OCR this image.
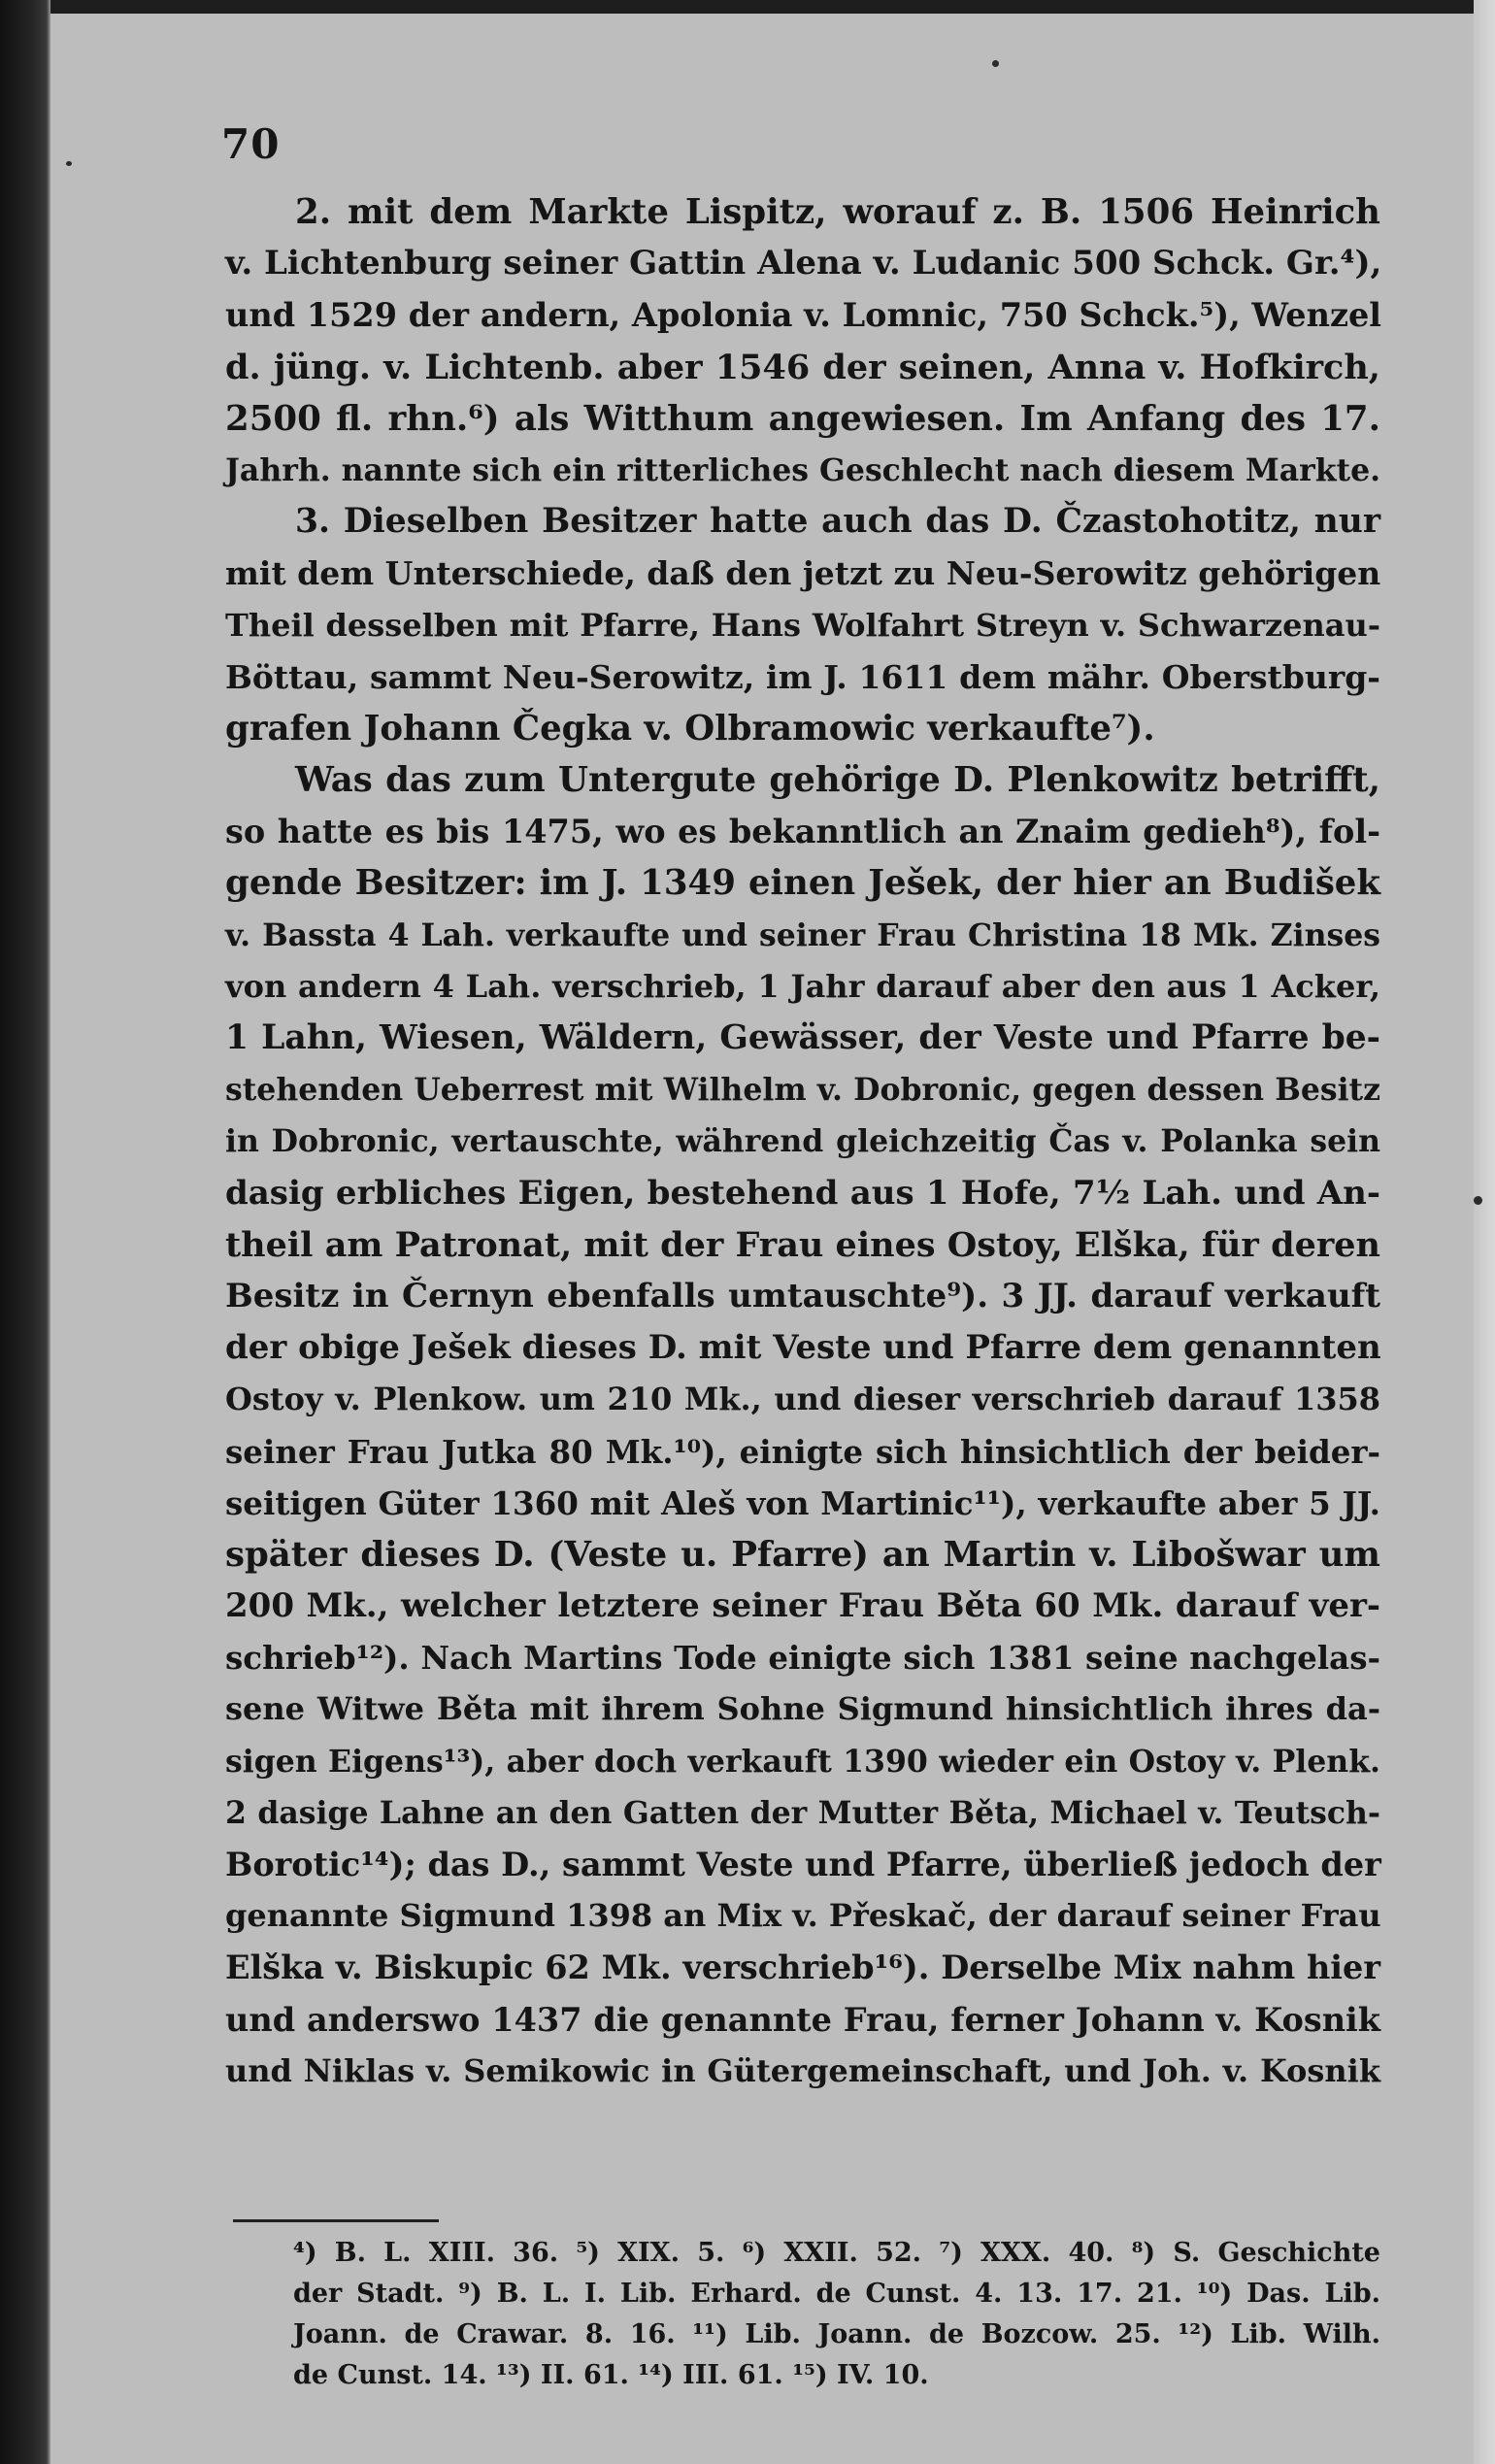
70
2. mit dem Markte Lispitz, worauf z. B. 1506 Heinrich
v. Lichtenburg seiner Gattin Alena v. Ludanic 500 Schck. Gr.⁴),
und 1529 der andern, Apolonia v. Lomnic, 750 Schck.⁵), Wenzel
d. jüng. v. Lichtenb. aber 1546 der seinen, Anna v. Hofkirch,
2500 fl. rhn.⁶) als Witthum angewiesen. Im Anfang des 17.
Jahrh. nannte sich ein ritterliches Geschlecht nach diesem Markte.
3. Dieselben Besitzer hatte auch das D. Čzastohotitz, nur
mit dem Unterschiede, daß den jetzt zu Neu-Serowitz gehörigen
Theil desselben mit Pfarre, Hans Wolfahrt Streyn v. Schwarzenau-
Böttau, sammt Neu-Serowitz, im J. 1611 dem mähr. Oberstburg-
grafen Johann Čegka v. Olbramowic verkaufte⁷).
Was das zum Untergute gehörige D. Plenkowitz betrifft,
so hatte es bis 1475, wo es bekanntlich an Znaim gedieh⁸), fol-
gende Besitzer: im J. 1349 einen Ješek, der hier an Budišek
v. Bassta 4 Lah. verkaufte und seiner Frau Christina 18 Mk. Zinses
von andern 4 Lah. verschrieb, 1 Jahr darauf aber den aus 1 Acker,
1 Lahn, Wiesen, Wäldern, Gewässer, der Veste und Pfarre be-
stehenden Ueberrest mit Wilhelm v. Dobronic, gegen dessen Besitz
in Dobronic, vertauschte, während gleichzeitig Čas v. Polanka sein
dasig erbliches Eigen, bestehend aus 1 Hofe, 7½ Lah. und An-
theil am Patronat, mit der Frau eines Ostoy, Elška, für deren
Besitz in Černyn ebenfalls umtauschte⁹). 3 JJ. darauf verkauft
der obige Ješek dieses D. mit Veste und Pfarre dem genannten
Ostoy v. Plenkow. um 210 Mk., und dieser verschrieb darauf 1358
seiner Frau Jutka 80 Mk.¹⁰), einigte sich hinsichtlich der beider-
seitigen Güter 1360 mit Aleš von Martinic¹¹), verkaufte aber 5 JJ.
später dieses D. (Veste u. Pfarre) an Martin v. Libošwar um
200 Mk., welcher letztere seiner Frau Běta 60 Mk. darauf ver-
schrieb¹²). Nach Martins Tode einigte sich 1381 seine nachgelas-
sene Witwe Běta mit ihrem Sohne Sigmund hinsichtlich ihres da-
sigen Eigens¹³), aber doch verkauft 1390 wieder ein Ostoy v. Plenk.
2 dasige Lahne an den Gatten der Mutter Běta, Michael v. Teutsch-
Borotic¹⁴); das D., sammt Veste und Pfarre, überließ jedoch der
genannte Sigmund 1398 an Mix v. Přeskač, der darauf seiner Frau
Elška v. Biskupic 62 Mk. verschrieb¹⁶). Derselbe Mix nahm hier
und anderswo 1437 die genannte Frau, ferner Johann v. Kosnik
und Niklas v. Semikowic in Gütergemeinschaft, und Joh. v. Kosnik
⁴) B. L. XIII. 36. ⁵) XIX. 5. ⁶) XXII. 52. ⁷) XXX. 40. ⁸) S. Geschichte
der Stadt. ⁹) B. L. I. Lib. Erhard. de Cunst. 4. 13. 17. 21. ¹⁰) Das. Lib.
Joann. de Crawar. 8. 16. ¹¹) Lib. Joann. de Bozcow. 25. ¹²) Lib. Wilh.
de Cunst. 14. ¹³) II. 61. ¹⁴) III. 61. ¹⁵) IV. 10.
